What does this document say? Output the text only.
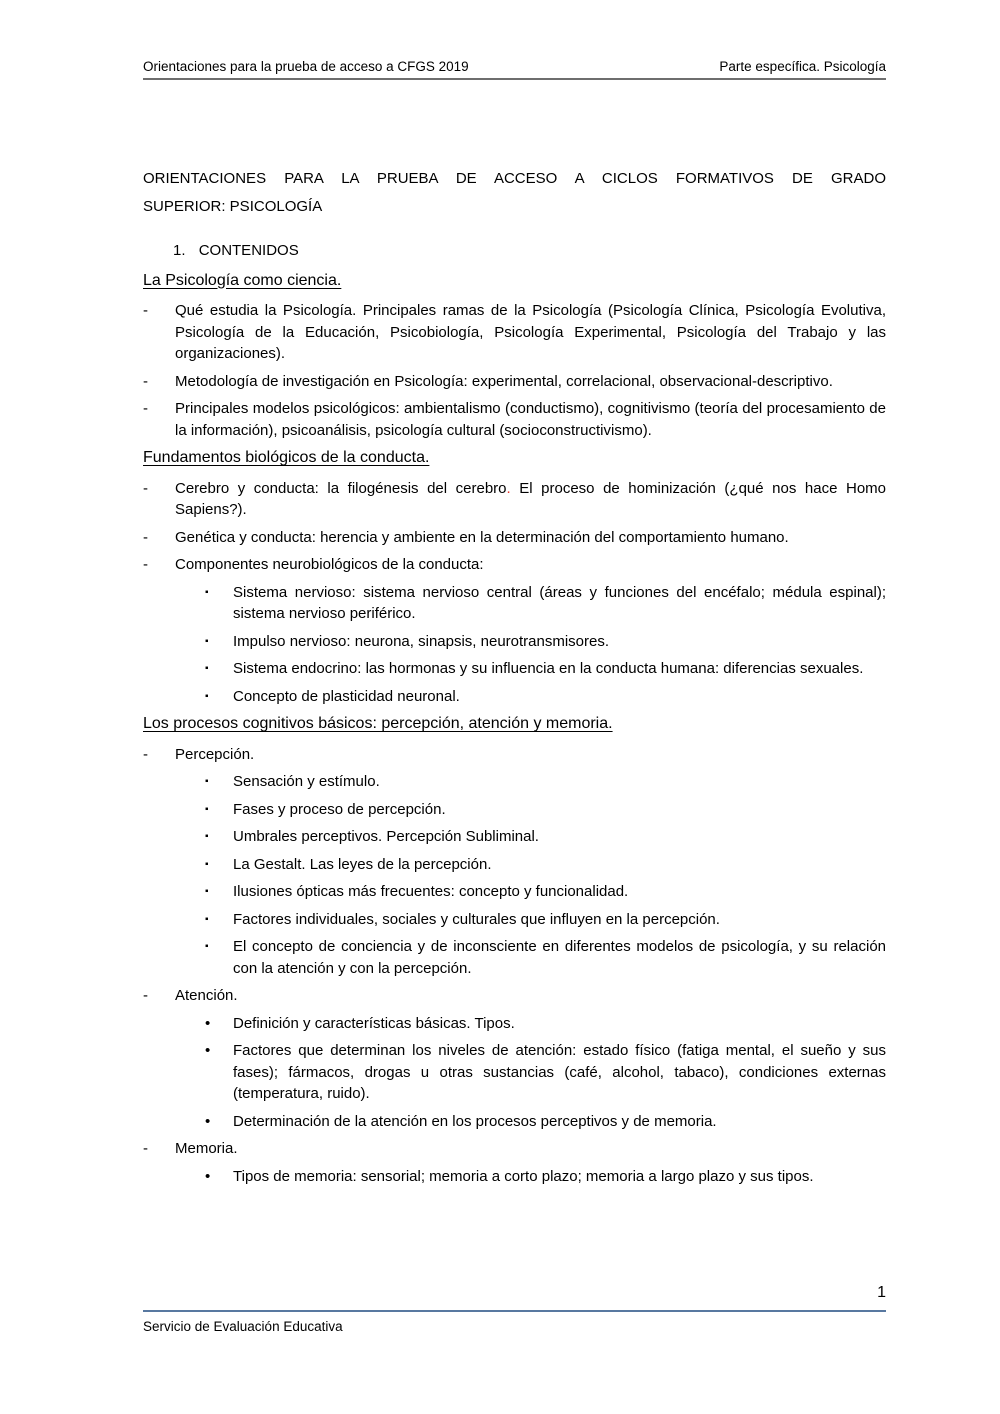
Orientaciones para la prueba de acceso a CFGS 2019	Parte específica. Psicología
ORIENTACIONES PARA LA PRUEBA DE ACCESO A CICLOS FORMATIVOS DE GRADO
SUPERIOR: PSICOLOGÍA

1. CONTENIDOS

La Psicología como ciencia.

- Qué estudia la Psicología. Principales ramas de la Psicología (Psicología Clínica, Psicología Evolutiva, Psicología de la Educación, Psicobiología, Psicología Experimental, Psicología del Trabajo y las organizaciones).
- Metodología de investigación en Psicología: experimental, correlacional, observacional-descriptivo.
- Principales modelos psicológicos: ambientalismo (conductismo), cognitivismo (teoría del procesamiento de la información), psicoanálisis, psicología cultural (socioconstructivismo).

Fundamentos biológicos de la conducta.

- Cerebro y conducta: la filogénesis del cerebro. El proceso de hominización (¿qué nos hace Homo Sapiens?).
- Genética y conducta: herencia y ambiente en la determinación del comportamiento humano.
- Componentes neurobiológicos de la conducta:
▪ Sistema nervioso: sistema nervioso central (áreas y funciones del encéfalo; médula espinal); sistema nervioso periférico.
▪ Impulso nervioso: neurona, sinapsis, neurotransmisores.
▪ Sistema endocrino: las hormonas y su influencia en la conducta humana: diferencias sexuales.
▪ Concepto de plasticidad neuronal.

Los procesos cognitivos básicos: percepción, atención y memoria.

- Percepción.
▪ Sensación y estímulo.
▪ Fases y proceso de percepción.
▪ Umbrales perceptivos. Percepción Subliminal.
▪ La Gestalt. Las leyes de la percepción.
▪ Ilusiones ópticas más frecuentes: concepto y funcionalidad.
▪ Factores individuales, sociales y culturales que influyen en la percepción.
▪ El concepto de conciencia y de inconsciente en diferentes modelos de psicología, y su relación con la atención y con la percepción.
- Atención.
• Definición y características básicas. Tipos.
• Factores que determinan los niveles de atención: estado físico (fatiga mental, el sueño y sus fases); fármacos, drogas u otras sustancias (café, alcohol, tabaco), condiciones externas (temperatura, ruido).
• Determinación de la atención en los procesos perceptivos y de memoria.
- Memoria.
• Tipos de memoria: sensorial; memoria a corto plazo; memoria a largo plazo y sus tipos.
1
Servicio de Evaluación Educativa
